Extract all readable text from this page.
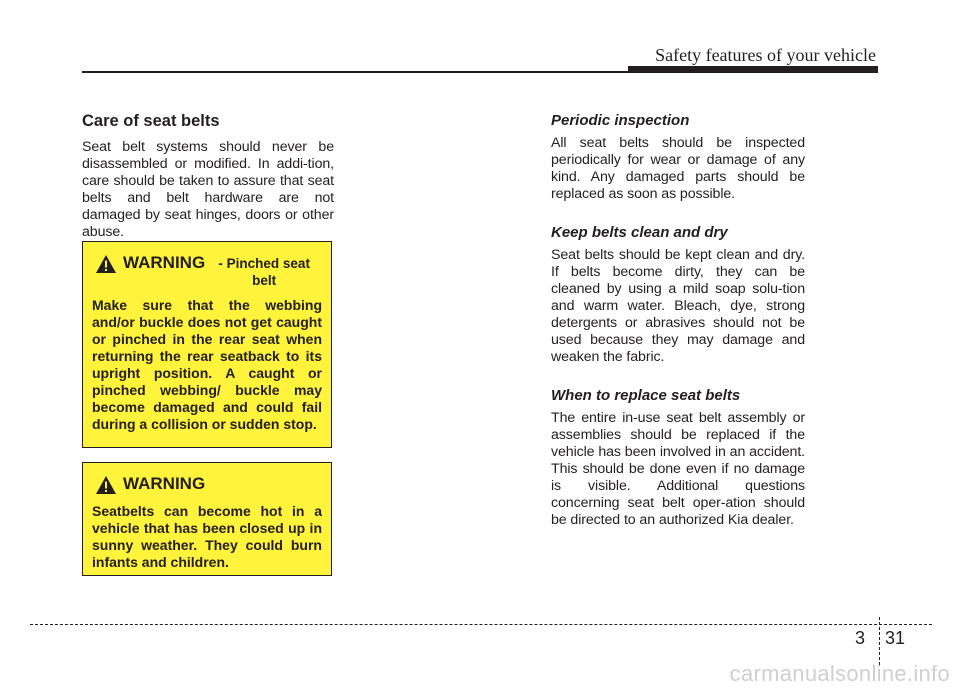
Safety features of your vehicle
Care of seat belts

Seat belt systems should never be disassembled or modified. In addi-tion, care should be taken to assure that seat belts and belt hardware are not damaged by seat hinges, doors or other abuse.

WARNING - Pinched seat belt

Make sure that the webbing and/or buckle does not get caught or pinched in the rear seat when returning the rear seatback to its upright position. A caught or pinched webbing/ buckle may become damaged and could fail during a collision or sudden stop.

WARNING

Seatbelts can become hot in a vehicle that has been closed up in sunny weather. They could burn infants and children.

Periodic inspection

All seat belts should be inspected periodically for wear or damage of any kind. Any damaged parts should be replaced as soon as possible.

Keep belts clean and dry

Seat belts should be kept clean and dry. If belts become dirty, they can be cleaned by using a mild soap solu-tion and warm water. Bleach, dye, strong detergents or abrasives should not be used because they may damage and weaken the fabric.

When to replace seat belts

The entire in-use seat belt assembly or assemblies should be replaced if the vehicle has been involved in an accident. This should be done even if no damage is visible. Additional questions concerning seat belt oper-ation should be directed to an authorized Kia dealer.

3 31
carmanualsonline.info
